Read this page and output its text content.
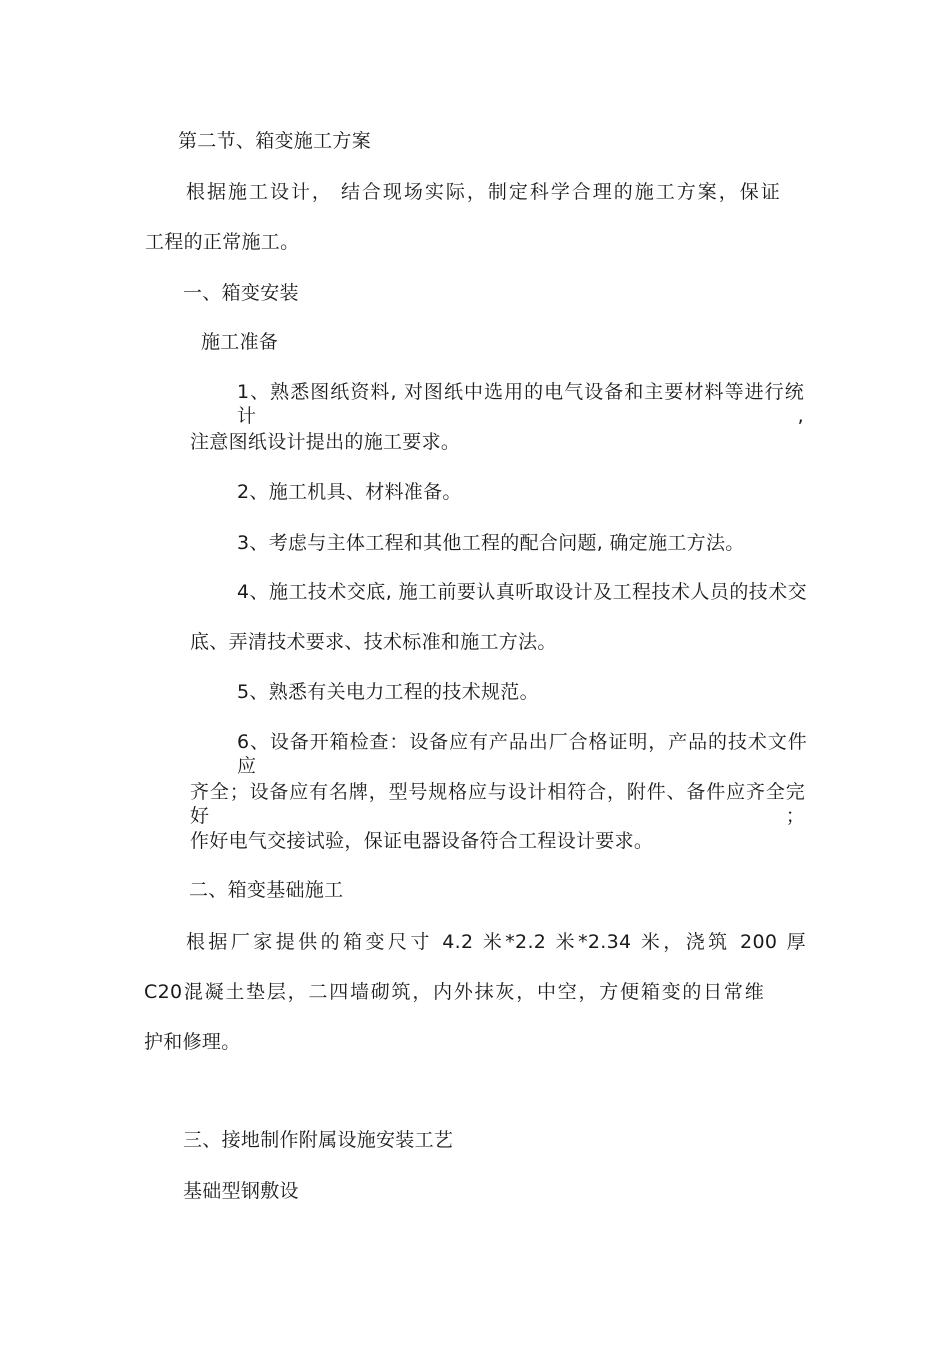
第二节、箱变施工方案
根据施工设计， 结合现场实际，制定科学合理的施工方案，保证
工程的正常施工。
一、箱变安装
施工准备
1、熟悉图纸资料, 对图纸中选用的电气设备和主要材料等进行统计,
注意图纸设计提出的施工要求。
2、施工机具、材料准备。
3、考虑与主体工程和其他工程的配合问题, 确定施工方法。
4、施工技术交底, 施工前要认真听取设计及工程技术人员的技术交
底、弄清技术要求、技术标准和施工方法。
5、熟悉有关电力工程的技术规范。
6、设备开箱检查：设备应有产品出厂合格证明，产品的技术文件应
齐全；设备应有名牌，型号规格应与设计相符合，附件、备件应齐全完好；
作好电气交接试验，保证电器设备符合工程设计要求。
二、箱变基础施工
根据厂家提供的箱变尺寸 4.2 米*2.2 米*2.34 米，浇筑 200 厚
C20混凝土垫层，二四墙砌筑，内外抹灰，中空，方便箱变的日常维
护和修理。
三、接地制作附属设施安装工艺
基础型钢敷设
